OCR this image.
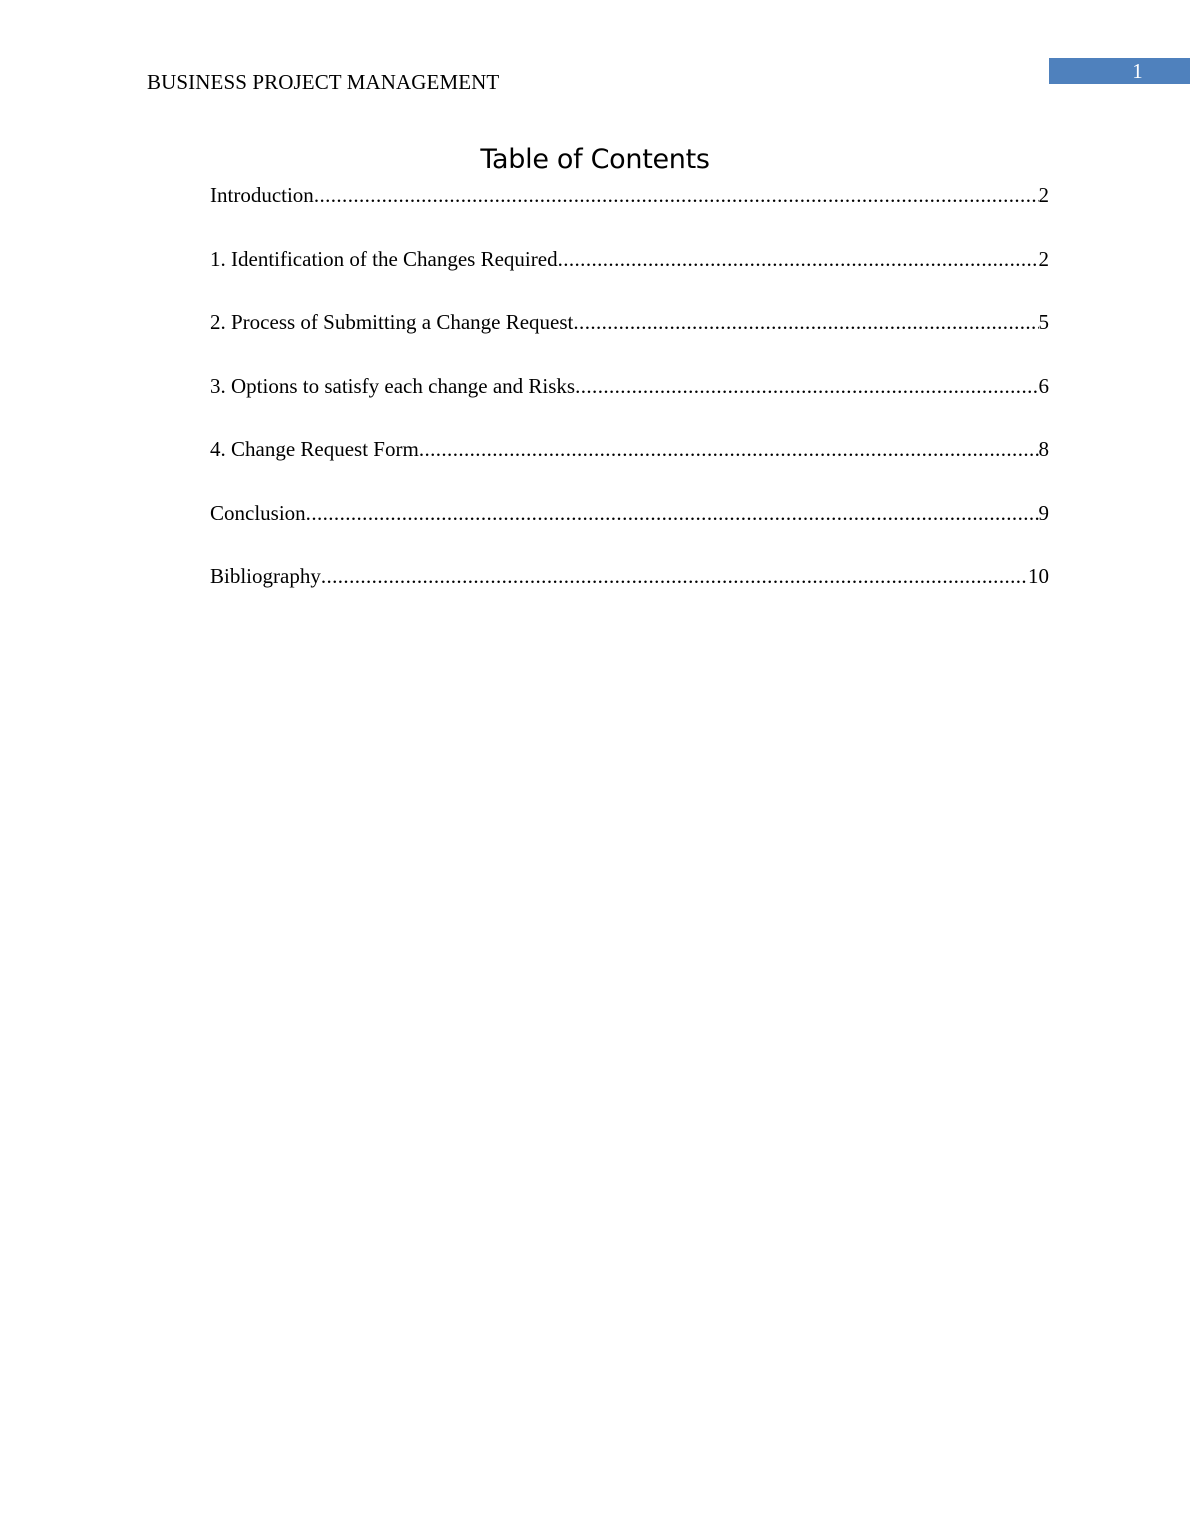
BUSINESS PROJECT MANAGEMENT	1
Table of Contents
Introduction .....	2
1. Identification of the Changes Required .....	2
2. Process of Submitting a Change Request .....	5
3. Options to satisfy each change and Risks .....	6
4. Change Request Form .....	8
Conclusion .....	9
Bibliography .....	10
